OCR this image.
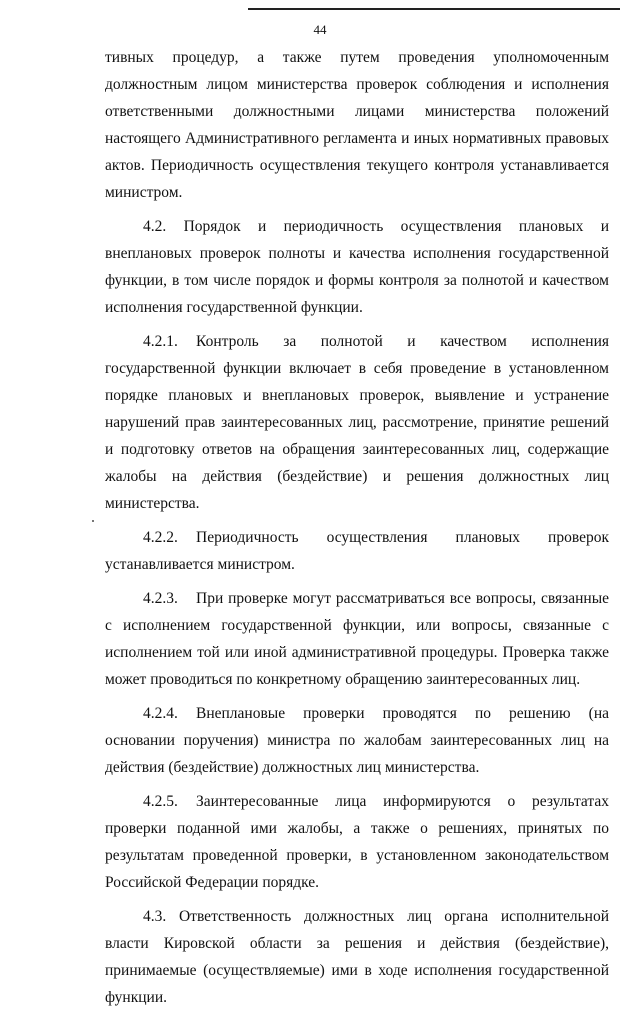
44

тивных процедур, а также путем проведения уполномоченным должностным лицом министерства проверок соблюдения и исполнения ответственными должностными лицами министерства положений настоящего Административного регламента и иных нормативных правовых актов. Периодичность осуществления текущего контроля устанавливается министром.

4.2. Порядок и периодичность осуществления плановых и внеплановых проверок полноты и качества исполнения государственной функции, в том числе порядок и формы контроля за полнотой и качеством исполнения государственной функции.

4.2.1. Контроль за полнотой и качеством исполнения государственной функции включает в себя проведение в установленном порядке плановых и внеплановых проверок, выявление и устранение нарушений прав заинтересованных лиц, рассмотрение, принятие решений и подготовку ответов на обращения заинтересованных лиц, содержащие жалобы на действия (бездействие) и решения должностных лиц министерства.

4.2.2. Периодичность осуществления плановых проверок устанавливается министром.

4.2.3. При проверке могут рассматриваться все вопросы, связанные с исполнением государственной функции, или вопросы, связанные с исполнением той или иной административной процедуры. Проверка также может проводиться по конкретному обращению заинтересованных лиц.

4.2.4. Внеплановые проверки проводятся по решению (на основании поручения) министра по жалобам заинтересованных лиц на действия (бездействие) должностных лиц министерства.

4.2.5. Заинтересованные лица информируются о результатах проверки поданной ими жалобы, а также о решениях, принятых по результатам проведенной проверки, в установленном законодательством Российской Федерации порядке.

4.3. Ответственность должностных лиц органа исполнительной власти Кировской области за решения и действия (бездействие), принимаемые (осуществляемые) ими в ходе исполнения государственной функции.
